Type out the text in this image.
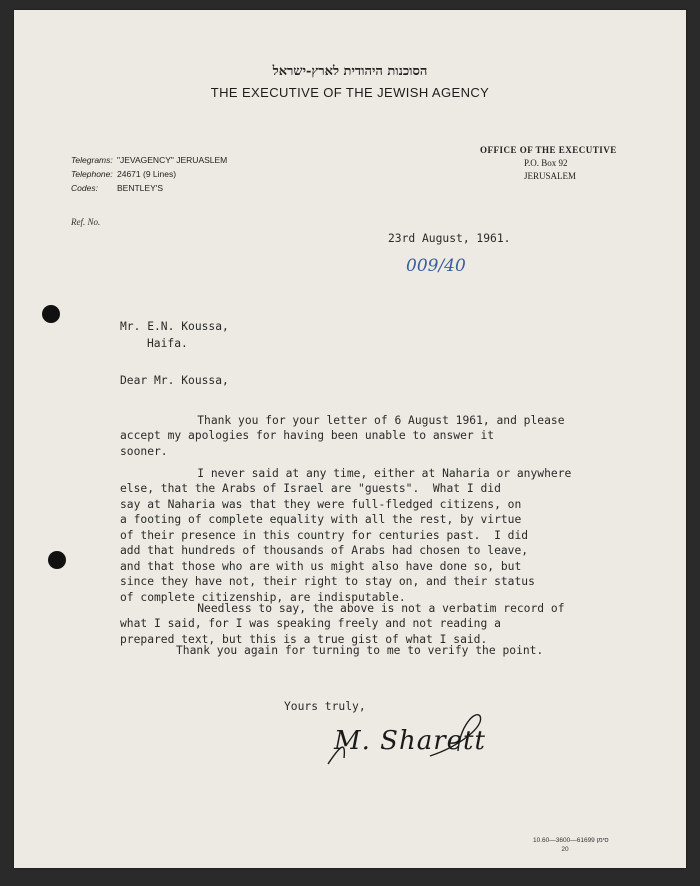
הסוכנות היהודית לארץ-ישראל
THE EXECUTIVE OF THE JEWISH AGENCY
Telegrams: "JEVAGENCY" JERUASLEM
Telephone: 24671 (9 Lines)
Codes: BENTLEY'S
OFFICE OF THE EXECUTIVE
P.O. Box 92
JERUSALEM
Ref. No.
23rd August, 1961.
009/40
Mr. E.N. Koussa,
Haifa.
Dear Mr. Koussa,

Thank you for your letter of 6 August 1961, and please
accept my apologies for having been unable to answer it
sooner.

I never said at any time, either at Naharia or anywhere
else, that the Arabs of Israel are "guests".  What I did
say at Naharia was that they were full-fledged citizens, on
a footing of complete equality with all the rest, by virtue
of their presence in this country for centuries past.  I did
add that hundreds of thousands of Arabs had chosen to leave,
and that those who are with us might also have done so, but
since they have not, their right to stay on, and their status
of complete citizenship, are indisputable.

Needless to say, the above is not a verbatim record of
what I said, for I was speaking freely and not reading a
prepared text, but this is a true gist of what I said.

Thank you again for turning to me to verify the point.
Yours truly,
M. Sharett
10.60—3600—61699 סימן
20
